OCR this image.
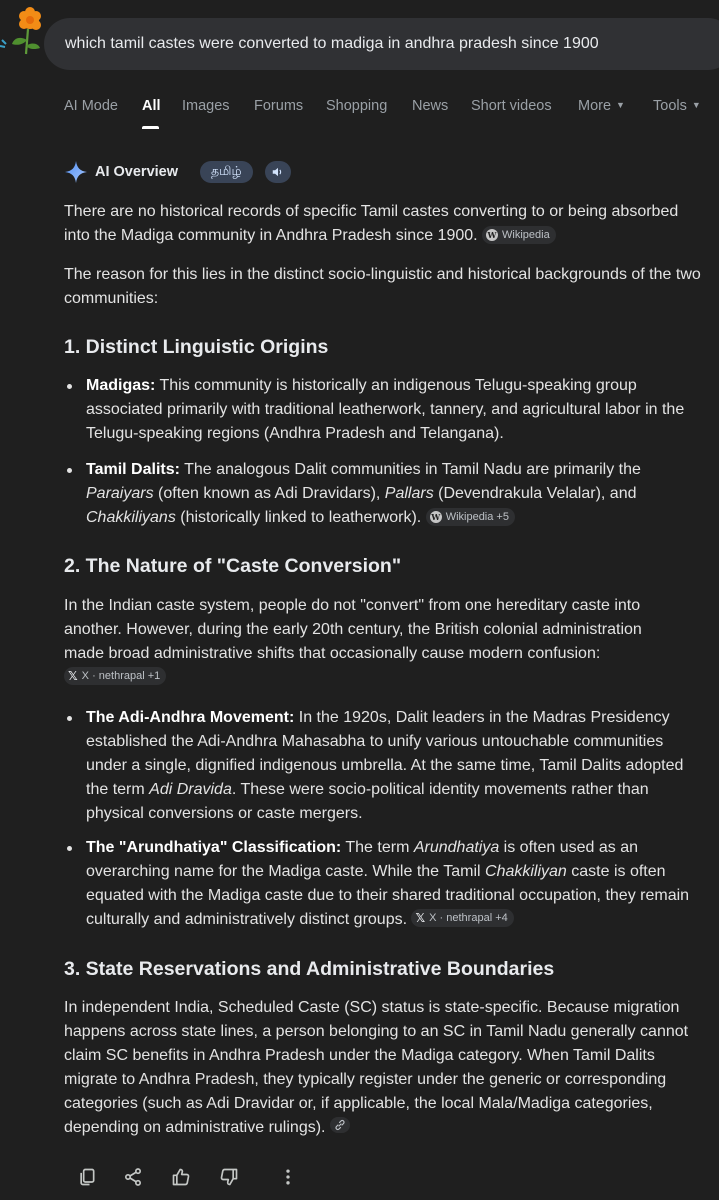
which tamil castes were converted to madiga in andhra pradesh since 1900
AI Mode All Images Forums Shopping News Short videos More ▼ Tools ▼
AI Overview	தமிழ்
There are no historical records of specific Tamil castes converting to or being absorbed into the Madiga community in Andhra Pradesh since 1900. W Wikipedia
The reason for this lies in the distinct socio-linguistic and historical backgrounds of the two communities:
1. Distinct Linguistic Origins
Madigas: This community is historically an indigenous Telugu-speaking group associated primarily with traditional leatherwork, tannery, and agricultural labor in the Telugu-speaking regions (Andhra Pradesh and Telangana).
Tamil Dalits: The analogous Dalit communities in Tamil Nadu are primarily the Paraiyars (often known as Adi Dravidars), Pallars (Devendrakula Velalar), and Chakkiliyans (historically linked to leatherwork). W Wikipedia +5
2. The Nature of "Caste Conversion"
In the Indian caste system, people do not "convert" from one hereditary caste into another. However, during the early 20th century, the British colonial administration made broad administrative shifts that occasionally cause modern confusion:
𝕏 X · nethrapal +1
The Adi-Andhra Movement: In the 1920s, Dalit leaders in the Madras Presidency established the Adi-Andhra Mahasabha to unify various untouchable communities under a single, dignified indigenous umbrella. At the same time, Tamil Dalits adopted the term Adi Dravida. These were socio-political identity movements rather than physical conversions or caste mergers.
The "Arundhatiya" Classification: The term Arundhatiya is often used as an overarching name for the Madiga caste. While the Tamil Chakkiliyan caste is often equated with the Madiga caste due to their shared traditional occupation, they remain culturally and administratively distinct groups. 𝕏 X · nethrapal +4
3. State Reservations and Administrative Boundaries
In independent India, Scheduled Caste (SC) status is state-specific. Because migration happens across state lines, a person belonging to an SC in Tamil Nadu generally cannot claim SC benefits in Andhra Pradesh under the Madiga category. When Tamil Dalits migrate to Andhra Pradesh, they typically register under the generic or corresponding categories (such as Adi Dravidar or, if applicable, the local Mala/Madiga categories, depending on administrative rulings).
